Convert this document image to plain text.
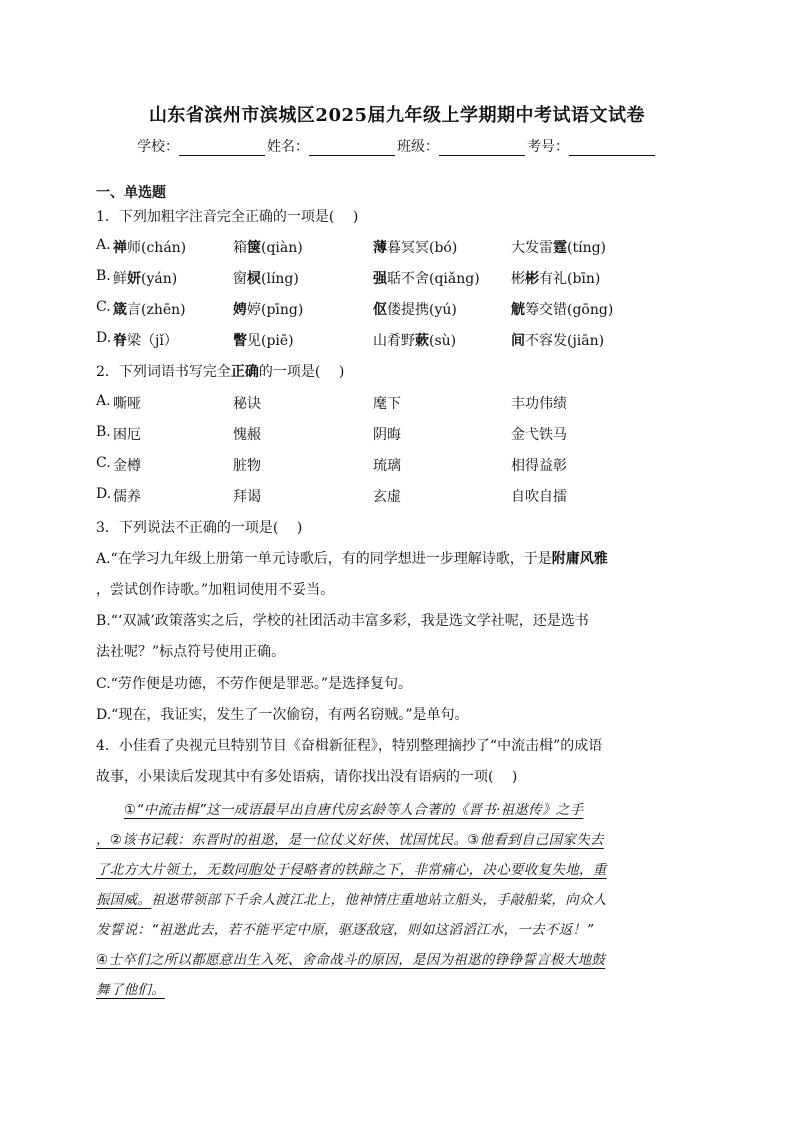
山东省滨州市滨城区2025届九年级上学期期中考试语文试卷
学校：	姓名：	班级：	考号：
一、单选题
1．下列加粗字注音完全正确的一项是(　 )
A. 禅师(chán)	箱箧(qiàn)	薄暮冥冥(bó)	大发雷霆(tíng)
B. 鲜妍(yán)	窗棂(líng)	强聒不舍(qiǎng) 彬彬有礼(bīn)
C. 箴言(zhēn)	娉婷(pīng)	伛偻提携(yú)	觥筹交错(gōng)
D. 脊梁（jǐ）	瞥见(piē)	山肴野蔌(sù)	间不容发(jiān)
2．下列词语书写完全正确的一项是(　 )
A. 嘶哑	秘诀	麾下	丰功伟绩
B. 困厄	愧赧	阴晦	金弋铁马
C. 金樽	脏物	琉璃	相得益彰
D. 儒养	拜谒	玄虚	自吹自擂
3．下列说法不正确的一项是(　 )
A.“在学习九年级上册第一单元诗歌后，有的同学想进一步理解诗歌，于是附庸风雅
，尝试创作诗歌。”加粗词使用不妥当。
B.“‘双减’政策落实之后，学校的社团活动丰富多彩，我是选文学社呢，还是选书
法社呢？”标点符号使用正确。
C.“劳作便是功德，不劳作便是罪恶。”是选择复句。
D.“现在，我证实，发生了一次偷窃，有两名窃贼。”是单句。
4．小佳看了央视元旦特别节目《奋楫新征程》，特别整理摘抄了“中流击楫”的成语
故事，小果读后发现其中有多处语病，请你找出没有语病的一项(　 )
①“中流击楫”这一成语最早出自唐代房玄龄等人合著的《晋书·祖逖传》之手
，②该书记载：东晋时的祖逖，是一位仗义好侠、忧国忧民。③他看到自己国家失去
了北方大片领土，无数同胞处于侵略者的铁蹄之下，非常痛心，决心要收复失地，重
振国威。祖逖带领部下千余人渡江北上，他神情庄重地站立船头，手敲船桨，向众人
发誓说：“祖逖此去，若不能平定中原，驱逐敌寇，则如这滔滔江水，一去不返！”
④士卒们之所以都愿意出生入死、舍命战斗的原因，是因为祖逖的铮铮誓言极大地鼓
舞了他们。
